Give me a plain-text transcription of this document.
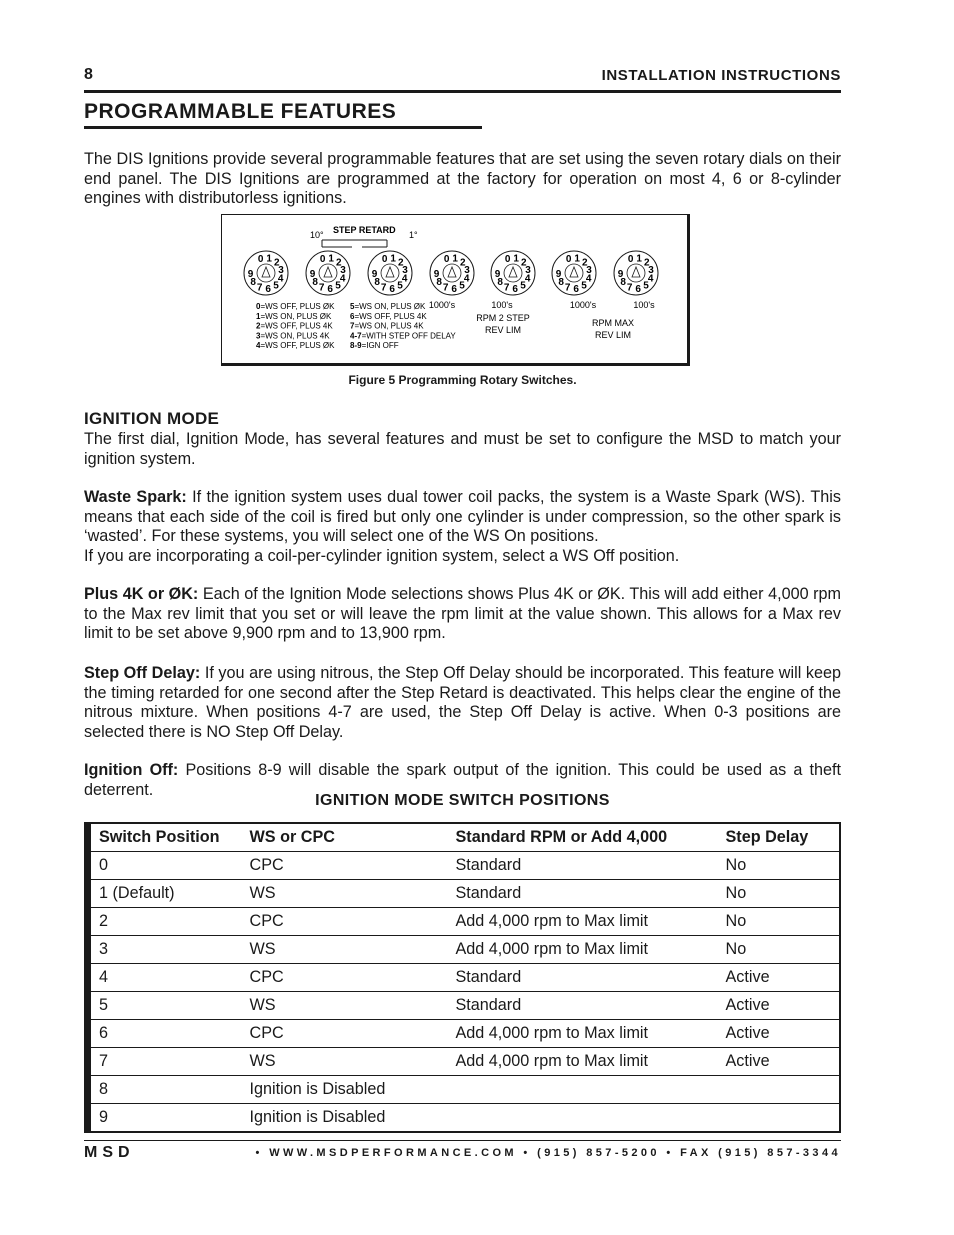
8	INSTALLATION INSTRUCTIONS
PROGRAMMABLE FEATURES

The DIS Ignitions provide several programmable features that are set using the seven rotary dials on their end panel. The DIS Ignitions are programmed at the factory for operation on most 4, 6 or 8-cylinder engines with distributorless ignitions.

0 1 2
3
4
5
6
7
8
9
0 1 2
3
4
5
6
7
8
9
0 1 2
3
4
5
6
7
8
9
0 1 2
3
4
5
6
7
8
9
0 1 2
3
4
5
6
7
8
9
0 1 2
3
4
5
6
7
8
9
0 1 2
3
4
5
6
7
8
9
10° STEP RETARD 1°
0=WS OFF, PLUS ØK
1=WS ON, PLUS ØK
2=WS OFF, PLUS 4K
3=WS ON, PLUS 4K
4=WS OFF, PLUS ØK
5=WS ON, PLUS ØK
6=WS OFF, PLUS 4K
7=WS ON, PLUS 4K
4-7=WITH STEP OFF DELAY
8-9=IGN OFF
1000's	100's
RPM 2 STEP
REV LIM
1000's	100's
RPM MAX
REV LIM
Figure 5 Programming Rotary Switches.
IGNITION MODE

The first dial, Ignition Mode, has several features and must be set to configure the MSD to match your ignition system.

Waste Spark: If the ignition system uses dual tower coil packs, the system is a Waste Spark (WS). This means that each side of the coil is fired but only one cylinder is under compression, so the other spark is ‘wasted’. For these systems, you will select one of the WS On positions.
If you are incorporating a coil-per-cylinder ignition system, select a WS Off position.

Plus 4K or ØK: Each of the Ignition Mode selections shows Plus 4K or ØK. This will add either 4,000 rpm to the Max rev limit that you set or will leave the rpm limit at the value shown. This allows for a Max rev limit to be set above 9,900 rpm and to 13,900 rpm.

Step Off Delay: If you are using nitrous, the Step Off Delay should be incorporated. This feature will keep the timing retarded for one second after the Step Retard is deactivated. This helps clear the engine of the nitrous mixture. When positions 4-7 are used, the Step Off Delay is active. When 0-3 positions are selected there is NO Step Off Delay.

Ignition Off: Positions 8-9 will disable the spark output of the ignition. This could be used as a theft deterrent.

IGNITION MODE SWITCH POSITIONS
Switch Position	WS or CPC	Standard RPM or Add 4,000	Step Delay
0	CPC	Standard	No
1 (Default)	WS	Standard	No
2	CPC	Add 4,000 rpm to Max limit	No
3	WS	Add 4,000 rpm to Max limit	No
4	CPC	Standard	Active
5	WS	Standard	Active
6	CPC	Add 4,000 rpm to Max limit	Active
7	WS	Add 4,000 rpm to Max limit	Active
8	Ignition is Disabled		
9	Ignition is Disabled		
MSD	• WWW.MSDPERFORMANCE.COM • (915) 857-5200 • FAX (915) 857-3344
